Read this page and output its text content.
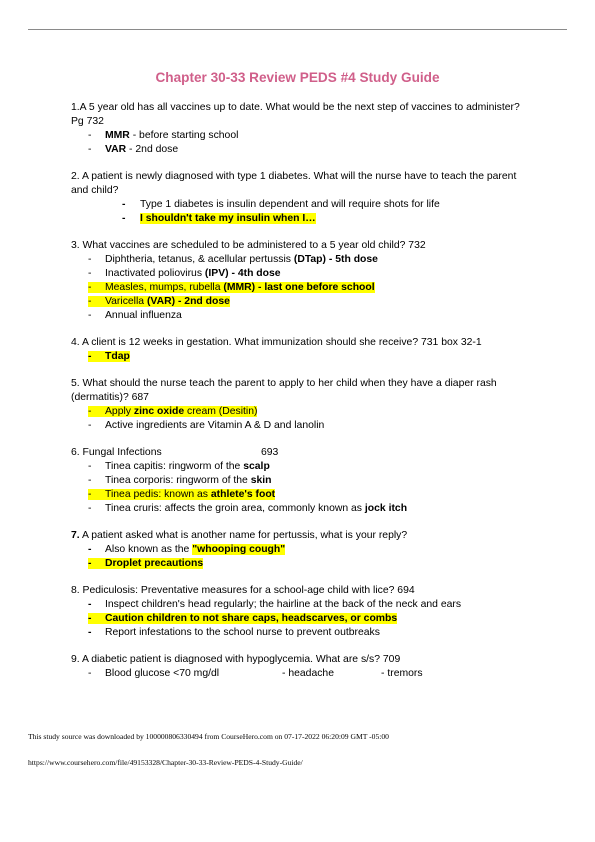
Chapter 30-33 Review PEDS #4 Study Guide
1.A 5 year old has all vaccines up to date. What would be the next step of vaccines to administer? Pg 732
- MMR - before starting school
- VAR - 2nd dose
2. A patient is newly diagnosed with type 1 diabetes. What will the nurse have to teach the parent and child?
- Type 1 diabetes is insulin dependent and will require shots for life
- I shouldn't take my insulin when I…
3. What vaccines are scheduled to be administered to a 5 year old child? 732
- Diphtheria, tetanus, & acellular pertussis (DTap) - 5th dose
- Inactivated poliovirus (IPV) - 4th dose
- Measles, mumps, rubella (MMR) - last one before school
- Varicella (VAR) - 2nd dose
- Annual influenza
4. A client is 12 weeks in gestation. What immunization should she receive? 731 box 32-1
- Tdap
5. What should the nurse teach the parent to apply to her child when they have a diaper rash (dermatitis)? 687
- Apply zinc oxide cream (Desitin)
- Active ingredients are Vitamin A & D and lanolin
6. Fungal Infections	693
- Tinea capitis: ringworm of the scalp
- Tinea corporis: ringworm of the skin
- Tinea pedis: known as athlete's foot
- Tinea cruris: affects the groin area, commonly known as jock itch
7. A patient asked what is another name for pertussis, what is your reply?
- Also known as the "whooping cough"
- Droplet precautions
8. Pediculosis: Preventative measures for a school-age child with lice? 694
- Inspect children's head regularly; the hairline at the back of the neck and ears
- Caution children to not share caps, headscarves, or combs
- Report infestations to the school nurse to prevent outbreaks
9. A diabetic patient is diagnosed with hypoglycemia. What are s/s? 709
- Blood glucose <70 mg/dl	- headache	- tremors
This study source was downloaded by 100000806330494 from CourseHero.com on 07-17-2022 06:20:09 GMT -05:00
https://www.coursehero.com/file/49153328/Chapter-30-33-Review-PEDS-4-Study-Guide/
